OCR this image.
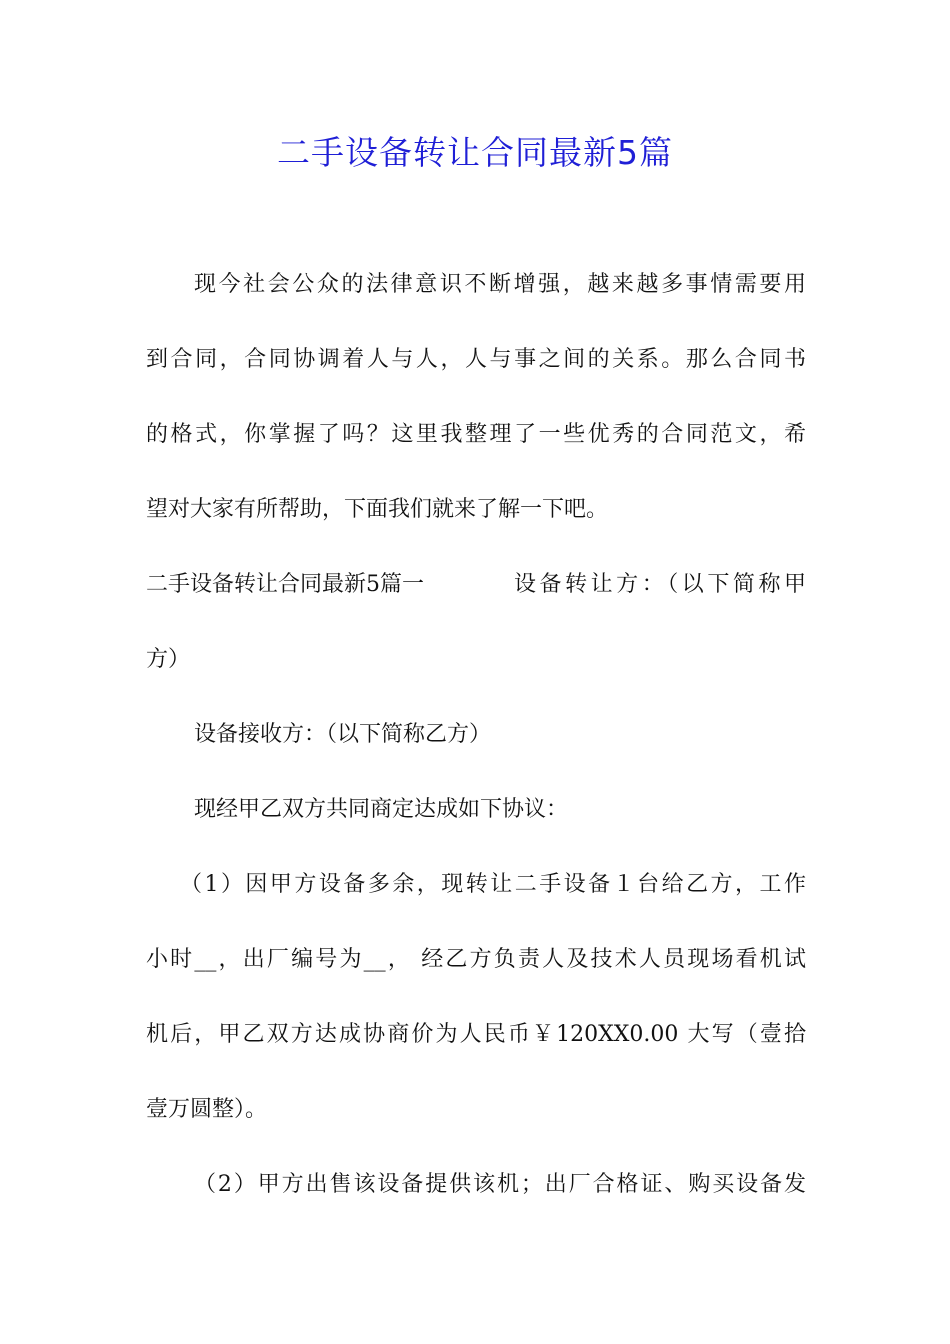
二手设备转让合同最新5篇
现今社会公众的法律意识不断增强，越来越多事情需要用
到合同，合同协调着人与人，人与事之间的关系。那么合同书
的格式，你掌握了吗？这里我整理了一些优秀的合同范文，希
望对大家有所帮助，下面我们就来了解一下吧。
二手设备转让合同最新5篇一	设备转让方：（以下简称甲
方）
设备接收方：（以下简称乙方）
现经甲乙双方共同商定达成如下协议：
（1）因甲方设备多余，现转让二手设备１台给乙方，工作
小时__，出厂编号为__， 经乙方负责人及技术人员现场看机试
机后，甲乙双方达成协商价为人民币￥120XX0.00 大写（壹拾
壹万圆整）。
（2）甲方出售该设备提供该机；出厂合格证、购买设备发
